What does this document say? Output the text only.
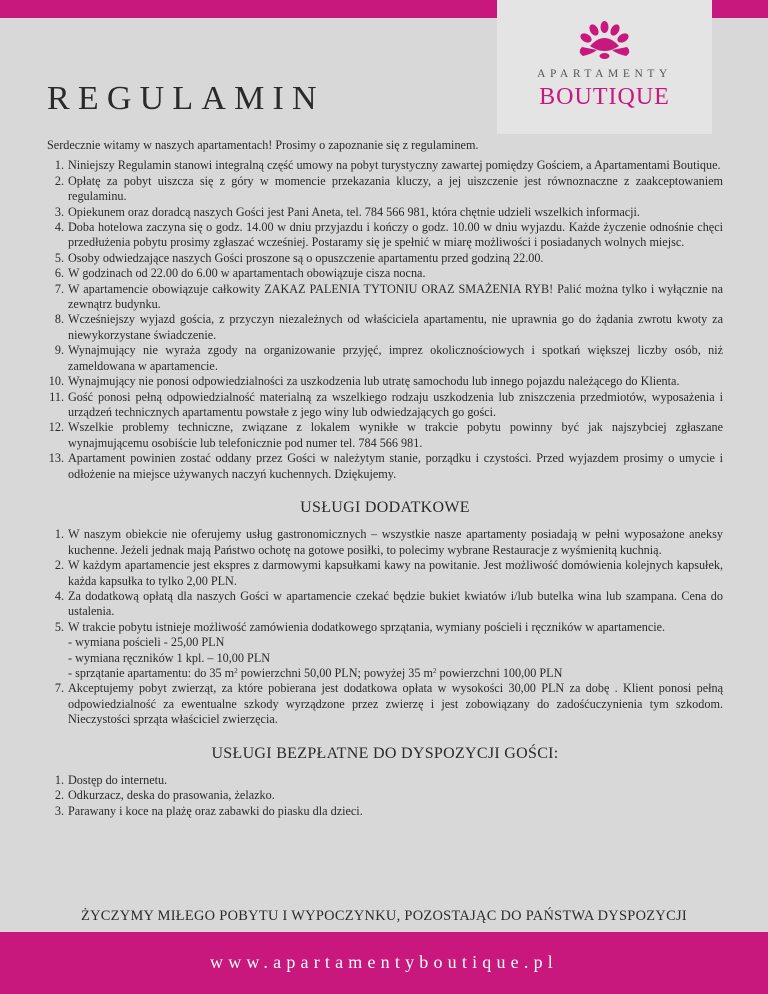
APARTAMENTY
BOUTIQUE
REGULAMIN

Serdecznie witamy w naszych apartamentach! Prosimy o zapoznanie się z regulaminem.

1. Niniejszy Regulamin stanowi integralną część umowy na pobyt turystyczny zawartej pomiędzy Gościem, a Apartamentami Boutique.
2. Opłatę za pobyt uiszcza się z góry w momencie przekazania kluczy, a jej uiszczenie jest równoznaczne z zaakceptowaniem regulaminu.
3. Opiekunem oraz doradcą naszych Gości jest Pani Aneta, tel. 784 566 981, która chętnie udzieli wszelkich informacji.
4. Doba hotelowa zaczyna się o godz. 14.00 w dniu przyjazdu i kończy o godz. 10.00 w dniu wyjazdu. Każde życzenie odnośnie chęci przedłużenia pobytu prosimy zgłaszać wcześniej. Postaramy się je spełnić w miarę możliwości i posiadanych wolnych miejsc.
5. Osoby odwiedzające naszych Gości proszone są o opuszczenie apartamentu przed godziną 22.00.
6. W godzinach od 22.00 do 6.00 w apartamentach obowiązuje cisza nocna.
7. W apartamencie obowiązuje całkowity ZAKAZ PALENIA TYTONIU ORAZ SMAŻENIA RYB! Palić można tylko i wyłącznie na zewnątrz budynku.
8. Wcześniejszy wyjazd gościa, z przyczyn niezależnych od właściciela apartamentu, nie uprawnia go do żądania zwrotu kwoty za niewykorzystane świadczenie.
9. Wynajmujący nie wyraża zgody na organizowanie przyjęć, imprez okolicznościowych i spotkań większej liczby osób, niż zameldowana w apartamencie.
10. Wynajmujący nie ponosi odpowiedzialności za uszkodzenia lub utratę samochodu lub innego pojazdu należącego do Klienta.
11. Gość ponosi pełną odpowiedzialność materialną za wszelkiego rodzaju uszkodzenia lub zniszczenia przedmiotów, wyposażenia i urządzeń technicznych apartamentu powstałe z jego winy lub odwiedzających go gości.
12. Wszelkie problemy techniczne, związane z lokalem wynikłe w trakcie pobytu powinny być jak najszybciej zgłaszane wynajmującemu osobiście lub telefonicznie pod numer tel. 784 566 981.
13. Apartament powinien zostać oddany przez Gości w należytym stanie, porządku i czystości. Przed wyjazdem prosimy o umycie i odłożenie na miejsce używanych naczyń kuchennych. Dziękujemy.
USŁUGI DODATKOWE
1. W naszym obiekcie nie oferujemy usług gastronomicznych – wszystkie nasze apartamenty posiadają w pełni wyposażone aneksy kuchenne. Jeżeli jednak mają Państwo ochotę na gotowe posiłki, to polecimy wybrane Restauracje z wyśmienitą kuchnią.
2. W każdym apartamencie jest ekspres z darmowymi kapsułkami kawy na powitanie. Jest możliwość domówienia kolejnych kapsułek, każda kapsułka to tylko 2,00 PLN.
4. Za dodatkową opłatą dla naszych Gości w apartamencie czekać będzie bukiet kwiatów i/lub butelka wina lub szampana. Cena do ustalenia.
5. W trakcie pobytu istnieje możliwość zamówienia dodatkowego sprzątania, wymiany pościeli i ręczników w apartamencie.
- wymiana pościeli - 25,00 PLN
- wymiana ręczników 1 kpl. – 10,00 PLN
- sprzątanie apartamentu: do 35 $m^2$ powierzchni 50,00 PLN; powyżej 35 $m^2$ powierzchni 100,00 PLN
7. Akceptujemy pobyt zwierząt, za które pobierana jest dodatkowa opłata w wysokości 30,00 PLN za dobę . Klient ponosi pełną odpowiedzialność za ewentualne szkody wyrządzone przez zwierzę i jest zobowiązany do zadośćuczynienia tym szkodom. Nieczystości sprząta właściciel zwierzęcia.
USŁUGI BEZPŁATNE DO DYSPOZYCJI GOŚCI:
1. Dostęp do internetu.
2. Odkurzacz, deska do prasowania, żelazko.
3. Parawany i koce na plażę oraz zabawki do piasku dla dzieci.
ŻYCZYMY MIŁEGO POBYTU I WYPOCZYNKU, POZOSTAJĄC DO PAŃSTWA DYSPOZYCJI
www.apartamentyboutique.pl
